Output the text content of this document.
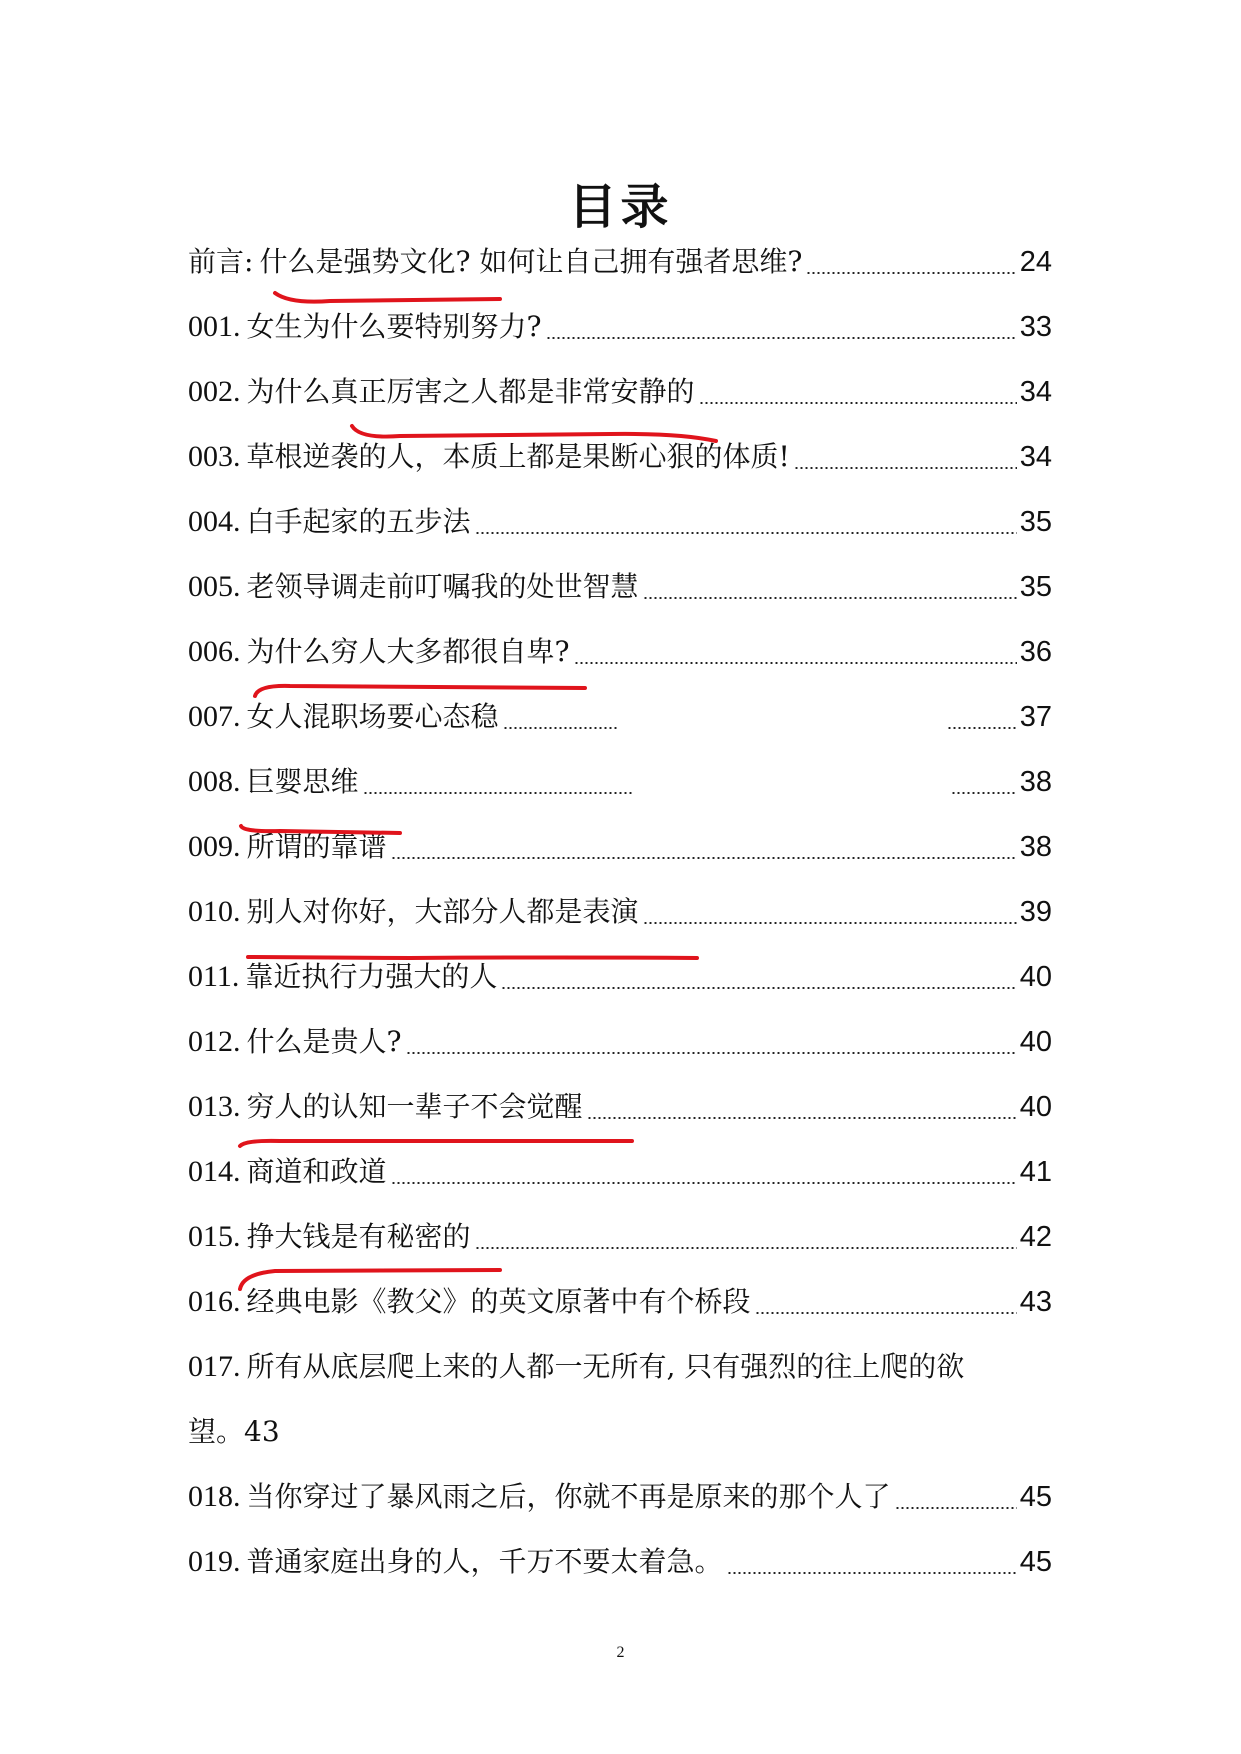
目录
前言: 什么是强势文化? 如何让自己拥有强者思维?	24
001. 女生为什么要特别努力?	33
002. 为什么真正厉害之人都是非常安静的	34
003. 草根逆袭的人，本质上都是果断心狠的体质!	34
004. 白手起家的五步法	35
005. 老领导调走前叮嘱我的处世智慧	35
006. 为什么穷人大多都很自卑?	36
007. 女人混职场要心态稳	37
008. 巨婴思维	38
009. 所谓的靠谱	38
010. 别人对你好，大部分人都是表演	39
011. 靠近执行力强大的人	40
012. 什么是贵人?	40
013. 穷人的认知一辈子不会觉醒	40
014. 商道和政道	41
015. 挣大钱是有秘密的	42
016. 经典电影《教父》的英文原著中有个桥段	43
017. 所有从底层爬上来的人都一无所有, 只有强烈的往上爬的欲
望。43
018. 当你穿过了暴风雨之后，你就不再是原来的那个人了	45
019. 普通家庭出身的人，千万不要太着急。	45
2
